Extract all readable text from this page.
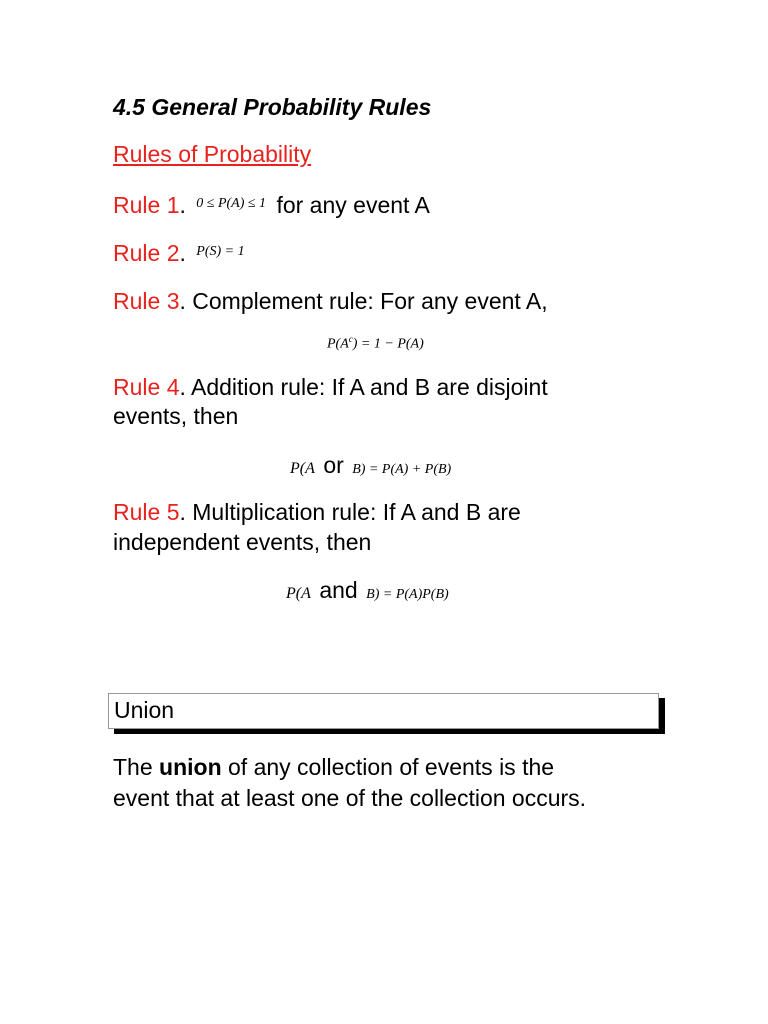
4.5 General Probability Rules
Rules of Probability
Rule 1. $^{0 \le P(A) \le 1}$ for any event A
Rule 2. $^{P(S) = 1}$
Rule 3. Complement rule: For any event A,
$P(A^c) = 1 - P(A)$
Rule 4. Addition rule: If A and B are disjoint
events, then
P(A or B) = P(A) + P(B)
Rule 5. Multiplication rule: If A and B are
independent events, then
P(A and B) = P(A)P(B)
Union
The union of any collection of events is the
event that at least one of the collection occurs.
